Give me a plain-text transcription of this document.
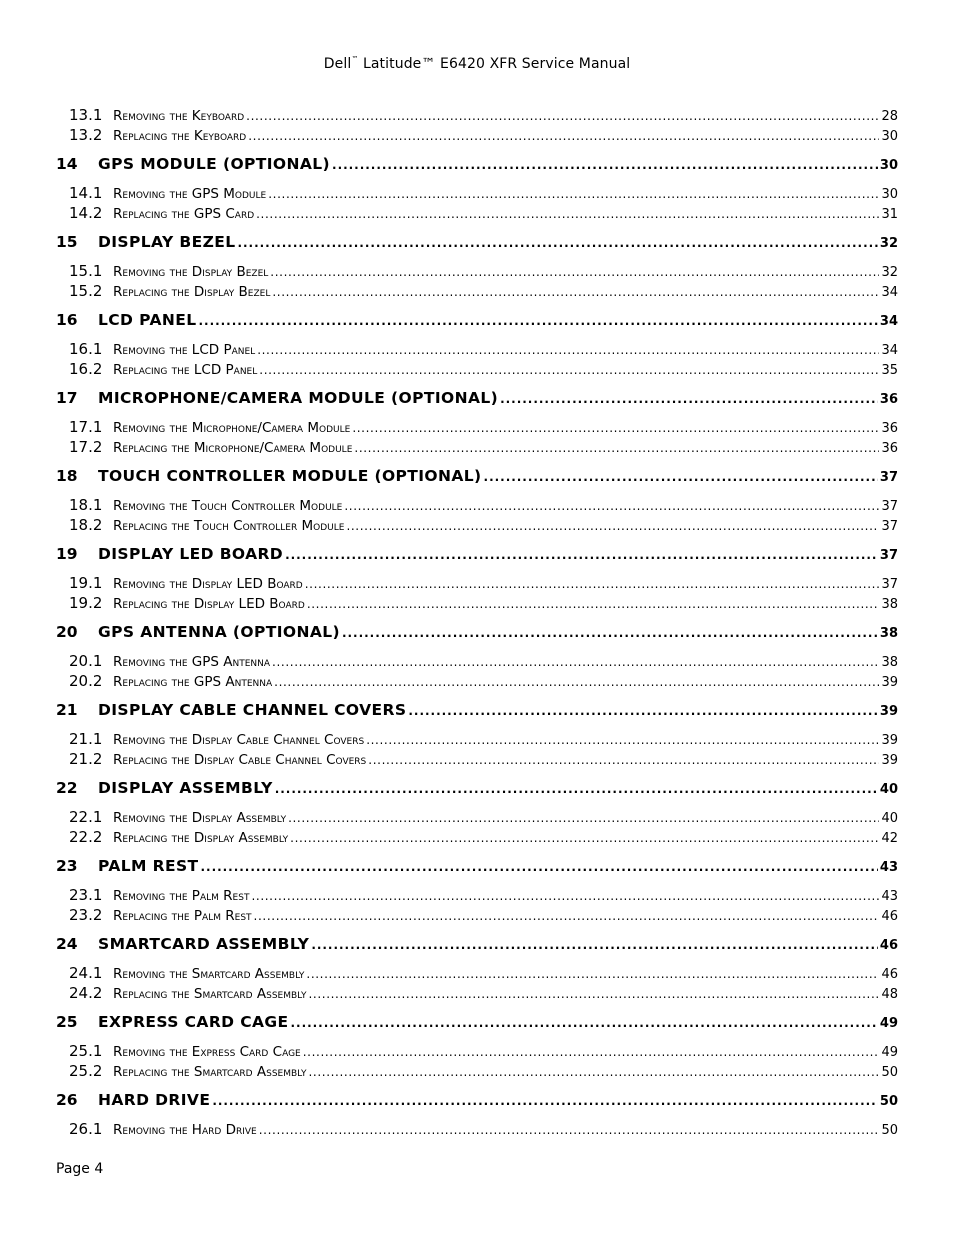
Dell™ Latitude™ E6420 XFR Service Manual
13.1 Removing the Keyboard . . .	28
13.2 Replacing the Keyboard . . .	30
14	GPS MODULE (OPTIONAL) . . .	30
14.1 Removing the GPS Module . . .	30
14.2 Replacing the GPS Card . . .	31
15	DISPLAY BEZEL . . .	32
15.1 Removing the Display Bezel . . .	32
15.2 Replacing the Display Bezel . . .	34
16	LCD PANEL . . .	34
16.1 Removing the LCD Panel . . .	34
16.2 Replacing the LCD Panel . . .	35
17	MICROPHONE/CAMERA MODULE (OPTIONAL) . . .	36
17.1 Removing the Microphone/Camera Module . . .	36
17.2 Replacing the Microphone/Camera Module . . .	36
18	TOUCH CONTROLLER MODULE (OPTIONAL) . . .	37
18.1 Removing the Touch Controller Module . . .	37
18.2 Replacing the Touch Controller Module . . .	37
19	DISPLAY LED BOARD . . .	37
19.1 Removing the Display LED Board . . .	37
19.2 Replacing the Display LED Board . . .	38
20	GPS ANTENNA (OPTIONAL) . . .	38
20.1 Removing the GPS Antenna . . .	38
20.2 Replacing the GPS Antenna . . .	39
21	DISPLAY CABLE CHANNEL COVERS . . .	39
21.1 Removing the Display Cable Channel Covers . . .	39
21.2 Replacing the Display Cable Channel Covers . . .	39
22	DISPLAY ASSEMBLY . . .	40
22.1 Removing the Display Assembly . . .	40
22.2 Replacing the Display Assembly . . .	42
23	PALM REST . . .	43
23.1 Removing the Palm Rest . . .	43
23.2 Replacing the Palm Rest . . .	46
24	SMARTCARD ASSEMBLY . . .	46
24.1 Removing the Smartcard Assembly . . .	46
24.2 Replacing the Smartcard Assembly . . .	48
25	EXPRESS CARD CAGE . . .	49
25.1 Removing the Express Card Cage . . .	49
25.2 Replacing the Smartcard Assembly . . .	50
26	HARD DRIVE . . .	50
26.1 Removing the Hard Drive . . .	50
Page 4
